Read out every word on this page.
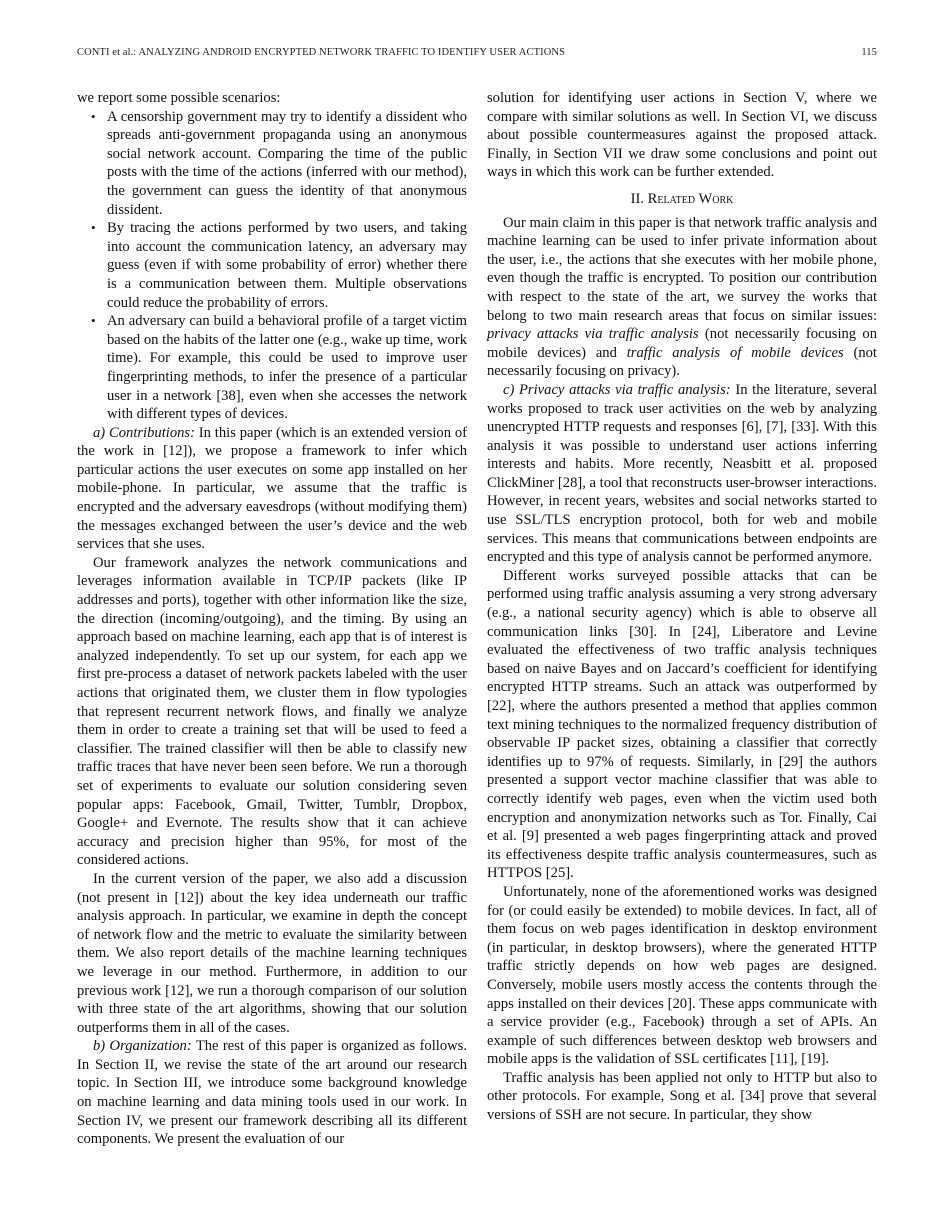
CONTI et al.: ANALYZING ANDROID ENCRYPTED NETWORK TRAFFIC TO IDENTIFY USER ACTIONS	115

we report some possible scenarios:

• A censorship government may try to identify a dissident who spreads anti-government propaganda using an anonymous social network account. Comparing the time of the public posts with the time of the actions (inferred with our method), the government can guess the identity of that anonymous dissident.
• By tracing the actions performed by two users, and taking into account the communication latency, an adversary may guess (even if with some probability of error) whether there is a communication between them. Multiple observations could reduce the probability of errors.
• An adversary can build a behavioral profile of a target victim based on the habits of the latter one (e.g., wake up time, work time). For example, this could be used to improve user fingerprinting methods, to infer the presence of a particular user in a network [38], even when she accesses the network with different types of devices.

a) Contributions: In this paper (which is an extended version of the work in [12]), we propose a framework to infer which particular actions the user executes on some app installed on her mobile-phone. In particular, we assume that the traffic is encrypted and the adversary eavesdrops (without modifying them) the messages exchanged between the user’s device and the web services that she uses.

Our framework analyzes the network communications and leverages information available in TCP/IP packets (like IP addresses and ports), together with other information like the size, the direction (incoming/outgoing), and the timing. By using an approach based on machine learning, each app that is of interest is analyzed independently. To set up our system, for each app we first pre-process a dataset of network packets labeled with the user actions that originated them, we cluster them in flow typologies that represent recurrent network flows, and finally we analyze them in order to create a training set that will be used to feed a classifier. The trained classifier will then be able to classify new traffic traces that have never been seen before. We run a thorough set of experiments to evaluate our solution considering seven popular apps: Facebook, Gmail, Twitter, Tumblr, Dropbox, Google+ and Evernote. The results show that it can achieve accuracy and precision higher than 95%, for most of the considered actions.

In the current version of the paper, we also add a discussion (not present in [12]) about the key idea underneath our traffic analysis approach. In particular, we examine in depth the concept of network flow and the metric to evaluate the similarity between them. We also report details of the machine learning techniques we leverage in our method. Furthermore, in addition to our previous work [12], we run a thorough comparison of our solution with three state of the art algorithms, showing that our solution outperforms them in all of the cases.

b) Organization: The rest of this paper is organized as follows. In Section II, we revise the state of the art around our research topic. In Section III, we introduce some background knowledge on machine learning and data mining tools used in our work. In Section IV, we present our framework describing all its different components. We present the evaluation of our

solution for identifying user actions in Section V, where we compare with similar solutions as well. In Section VI, we discuss about possible countermeasures against the proposed attack. Finally, in Section VII we draw some conclusions and point out ways in which this work can be further extended.

II. Related Work

Our main claim in this paper is that network traffic analysis and machine learning can be used to infer private information about the user, i.e., the actions that she executes with her mobile phone, even though the traffic is encrypted. To position our contribution with respect to the state of the art, we survey the works that belong to two main research areas that focus on similar issues: privacy attacks via traffic analysis (not necessarily focusing on mobile devices) and traffic analysis of mobile devices (not necessarily focusing on privacy).

c) Privacy attacks via traffic analysis: In the literature, several works proposed to track user activities on the web by analyzing unencrypted HTTP requests and responses [6], [7], [33]. With this analysis it was possible to understand user actions inferring interests and habits. More recently, Neasbitt et al. proposed ClickMiner [28], a tool that reconstructs user-browser interactions. However, in recent years, websites and social networks started to use SSL/TLS encryption protocol, both for web and mobile services. This means that communications between endpoints are encrypted and this type of analysis cannot be performed anymore.

Different works surveyed possible attacks that can be performed using traffic analysis assuming a very strong adversary (e.g., a national security agency) which is able to observe all communication links [30]. In [24], Liberatore and Levine evaluated the effectiveness of two traffic analysis techniques based on naive Bayes and on Jaccard’s coefficient for identifying encrypted HTTP streams. Such an attack was outperformed by [22], where the authors presented a method that applies common text mining techniques to the normalized frequency distribution of observable IP packet sizes, obtaining a classifier that correctly identifies up to 97% of requests. Similarly, in [29] the authors presented a support vector machine classifier that was able to correctly identify web pages, even when the victim used both encryption and anonymization networks such as Tor. Finally, Cai et al. [9] presented a web pages fingerprinting attack and proved its effectiveness despite traffic analysis countermeasures, such as HTTPOS [25].

Unfortunately, none of the aforementioned works was designed for (or could easily be extended) to mobile devices. In fact, all of them focus on web pages identification in desktop environment (in particular, in desktop browsers), where the generated HTTP traffic strictly depends on how web pages are designed. Conversely, mobile users mostly access the contents through the apps installed on their devices [20]. These apps communicate with a service provider (e.g., Facebook) through a set of APIs. An example of such differences between desktop web browsers and mobile apps is the validation of SSL certificates [11], [19].

Traffic analysis has been applied not only to HTTP but also to other protocols. For example, Song et al. [34] prove that several versions of SSH are not secure. In particular, they show
